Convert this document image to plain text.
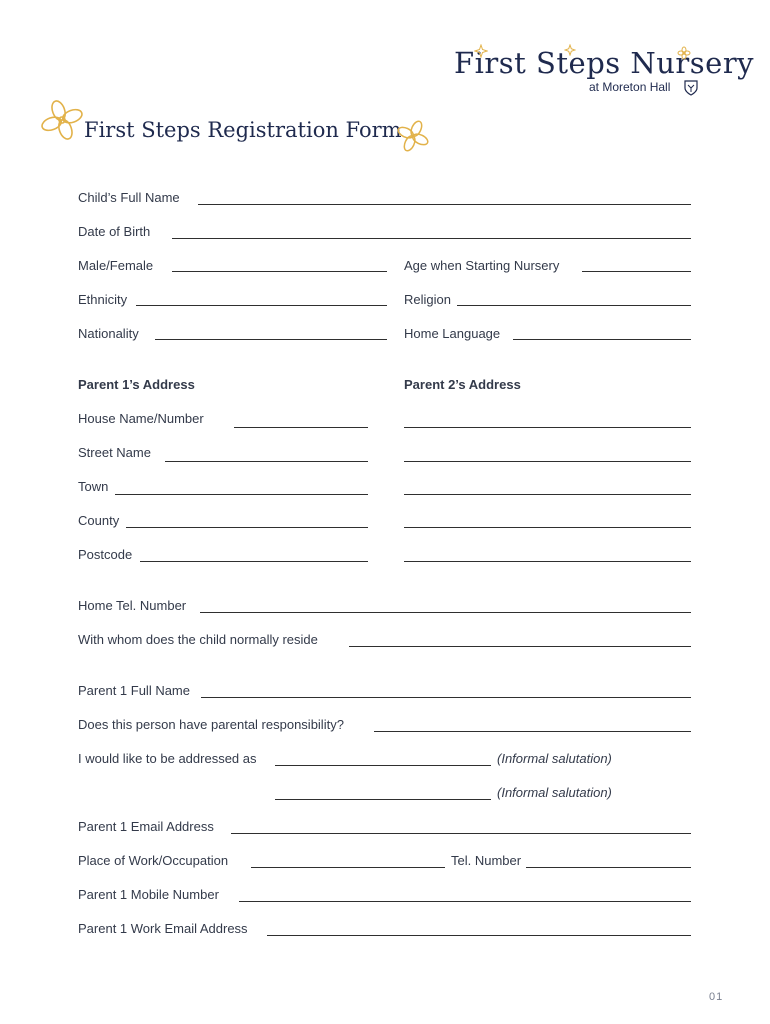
First Steps Nursery
at Moreton Hall
First Steps Registration Form
Child’s Full Name
Date of Birth
Male/Female	Age when Starting Nursery
Ethnicity	Religion
Nationality	Home Language
Parent 1’s Address	Parent 2’s Address
House Name/Number
Street Name
Town
County
Postcode
Home Tel. Number
With whom does the child normally reside
Parent 1 Full Name
Does this person have parental responsibility?
I would like to be addressed as	(Informal salutation)
(Informal salutation)
Parent 1 Email Address
Place of Work/Occupation	Tel. Number
Parent 1 Mobile Number
Parent 1 Work Email Address
01
